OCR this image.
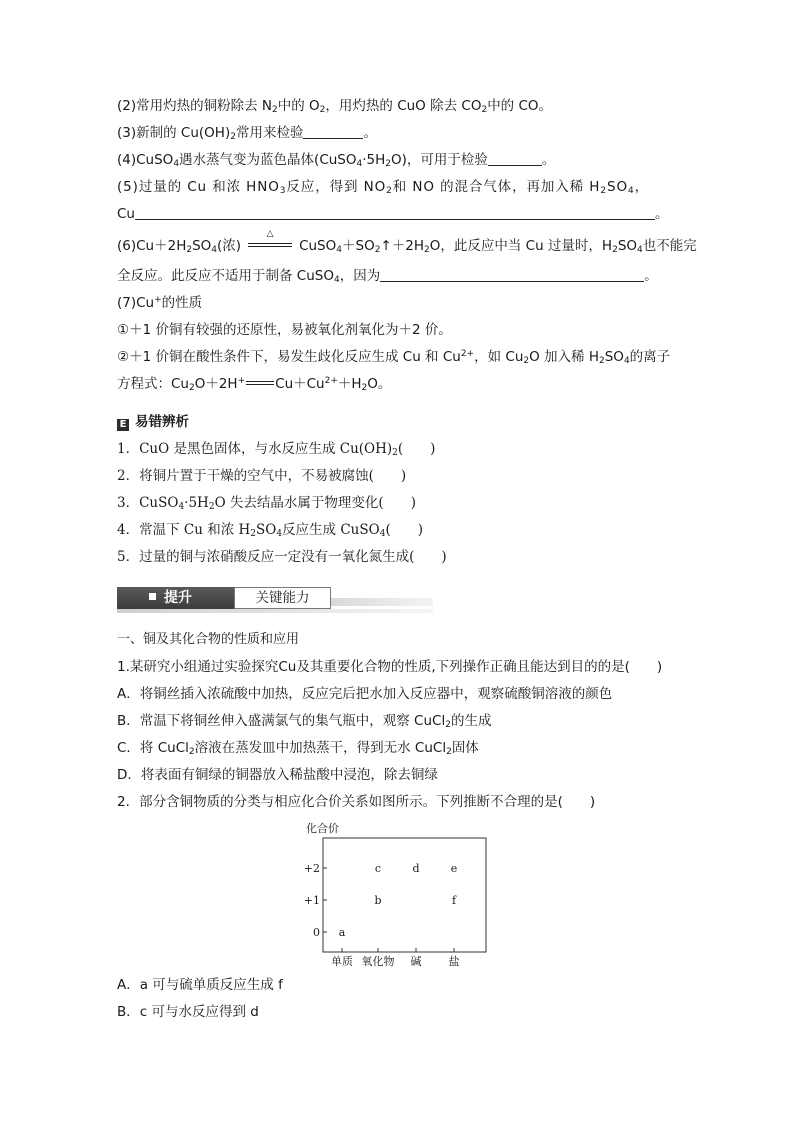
(2)常用灼热的铜粉除去 $N_2$中的 $O_2$，用灼热的 CuO 除去 $CO_2$中的 CO。
(3)新制的 $Cu(OH)_2$常用来检验	。
(4)CuSO$_4$遇水蒸气变为蓝色晶体$(CuSO_4\cdot 5H_2O)$，可用于检验	。
(5)过量的 Cu 和浓 $HNO_3$反应，得到 $NO_2$和 NO 的混合气体，再加入稀 $H_2SO_4$，
Cu	。
$(6)Cu+2H_2SO_4$(浓)
△
$CuSO_4+SO_2↑+2H_2O$，此反应中当 Cu 过量时，$H_2SO_4$也不能完
全反应。此反应不适用于制备 CuSO$_4$，因为	。
(7)Cu+的性质
①＋1 价铜有较强的还原性，易被氧化剂氧化为＋2 价。
②＋1 价铜在酸性条件下，易发生歧化反应生成 Cu 和 $Cu^{2+}$，如 $Cu_2O$ 加入稀 $H_2SO_4$的离子
方程式：$Cu_2O+2H^+$ $Cu+Cu^{2+}+H_2O$。
E 易错辨析
1．CuO 是黑色固体，与水反应生成 $Cu(OH)_2$(　　)
2．将铜片置于干燥的空气中，不易被腐蚀(　　)
3．$CuSO_4\cdot 5H_2O$ 失去结晶水属于物理变化(　　)
4．常温下 Cu 和浓 $H_2SO_4$反应生成 CuSO$_4$(　　)
5．过量的铜与浓硝酸反应一定没有一氧化氮生成(　　)
提升	关键能力
一、铜及其化合物的性质和应用
1.某研究小组通过实验探究Cu及其重要化合物的性质,下列操作正确且能达到目的的是(　　)
A．将铜丝插入浓硫酸中加热，反应完后把水加入反应器中，观察硫酸铜溶液的颜色
B．常温下将铜丝伸入盛满氯气的集气瓶中，观察 CuCl$_2$的生成
C．将 CuCl$_2$溶液在蒸发皿中加热蒸干，得到无水 CuCl$_2$固体
D．将表面有铜绿的铜器放入稀盐酸中浸泡，除去铜绿
2．部分含铜物质的分类与相应化合价关系如图所示。下列推断不合理的是(　　)
化合价
+2
+1
0
单质 氧化物 碱 盐
a
b
c	d	e
f
A．a 可与硫单质反应生成 f
B．c 可与水反应得到 d
